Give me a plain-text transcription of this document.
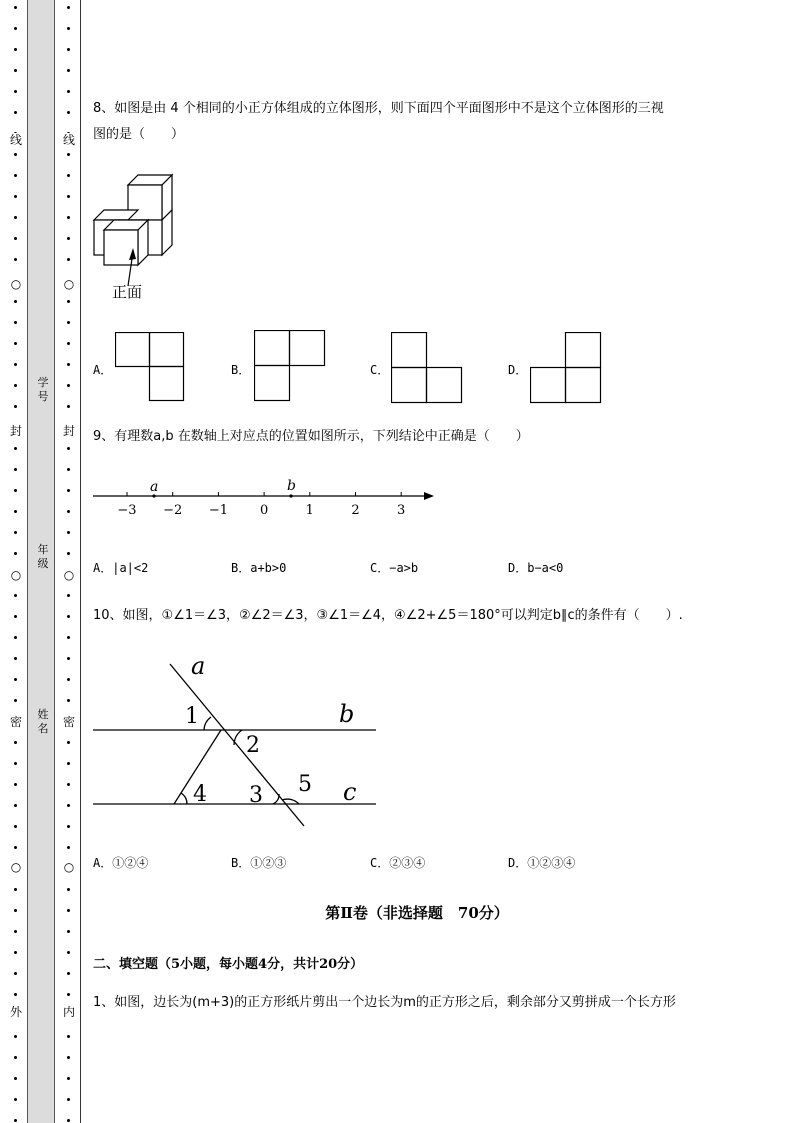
线
○
封
○
密
○
外
线
○
封
○
密
○
内
学号
年级
姓名
8、如图是由 4 个相同的小正方体组成的立体图形，则下面四个平面图形中不是这个立体图形的三视
图的是（　　）
正面
A．	B．	C．	D．
9、有理数a,b 在数轴上对应点的位置如图所示，下列结论中正确是（　　）
−3 −2 −1 0	1	2	3
a	b
A．|a|<2	B．a+b>0	C．−a>b	D．b−a<0
10、如图，①∠1＝∠3，②∠2＝∠3，③∠1＝∠4，④∠2+∠5＝180°可以判定b∥c的条件有（　　）.
a
b
c
1
2
3
4	5
A．①②④	B．①②③	C．②③④	D．①②③④
第Ⅱ卷（非选择题　70分）
二、填空题（5小题，每小题4分，共计20分）
1、如图，边长为(m+3)的正方形纸片剪出一个边长为m的正方形之后，剩余部分又剪拼成一个长方形
